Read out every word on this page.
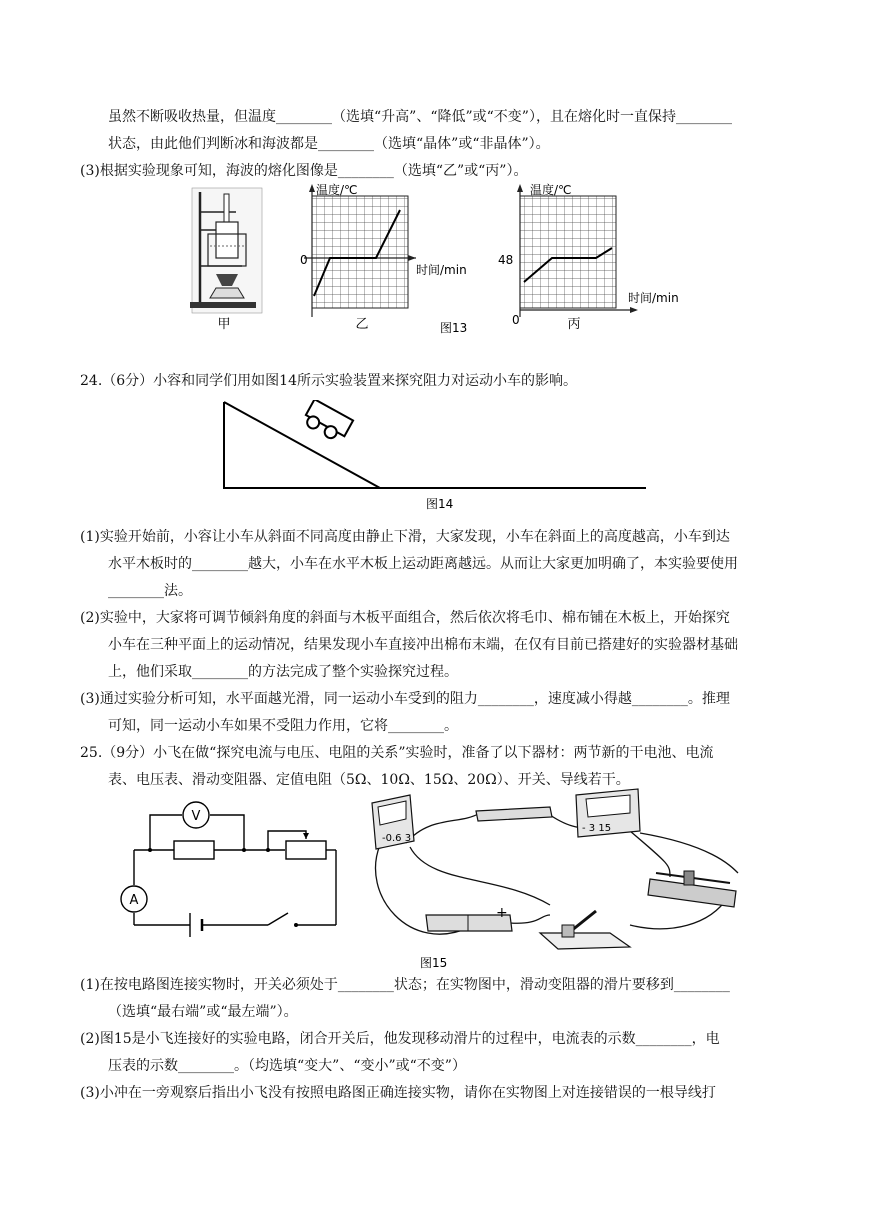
虽然不断吸收热量，但温度________（选填“升高”、“降低”或“不变”），且在熔化时一直保持________
状态，由此他们判断冰和海波都是________（选填“晶体”或“非晶体”）。
(3)根据实验现象可知，海波的熔化图像是________（选填“乙”或“丙”）。
甲
温度/℃
0
时间/min
乙
温度/℃
48
0
时间/min
丙
图13
24.（6分）小容和同学们用如图14所示实验装置来探究阻力对运动小车的影响。
图14
(1)实验开始前，小容让小车从斜面不同高度由静止下滑，大家发现，小车在斜面上的高度越高，小车到达
水平木板时的________越大，小车在水平木板上运动距离越远。从而让大家更加明确了，本实验要使用
________法。
(2)实验中，大家将可调节倾斜角度的斜面与木板平面组合，然后依次将毛巾、棉布铺在木板上，开始探究
小车在三种平面上的运动情况，结果发现小车直接冲出棉布末端，在仅有目前已搭建好的实验器材基础
上，他们采取________的方法完成了整个实验探究过程。
(3)通过实验分析可知，水平面越光滑，同一运动小车受到的阻力________，速度减小得越________。推理
可知，同一运动小车如果不受阻力作用，它将________。
25.（9分）小飞在做“探究电流与电压、电阻的关系”实验时，准备了以下器材：两节新的干电池、电流
表、电压表、滑动变阻器、定值电阻（5Ω、10Ω、15Ω、20Ω）、开关、导线若干。
V
A
-0.6 3
- 3 15
+
图15
(1)在按电路图连接实物时，开关必须处于________状态；在实物图中，滑动变阻器的滑片要移到________
（选填“最右端”或“最左端”）。
(2)图15是小飞连接好的实验电路，闭合开关后，他发现移动滑片的过程中，电流表的示数________，电
压表的示数________。（均选填“变大”、“变小”或“不变”）
(3)小冲在一旁观察后指出小飞没有按照电路图正确连接实物，请你在实物图上对连接错误的一根导线打
